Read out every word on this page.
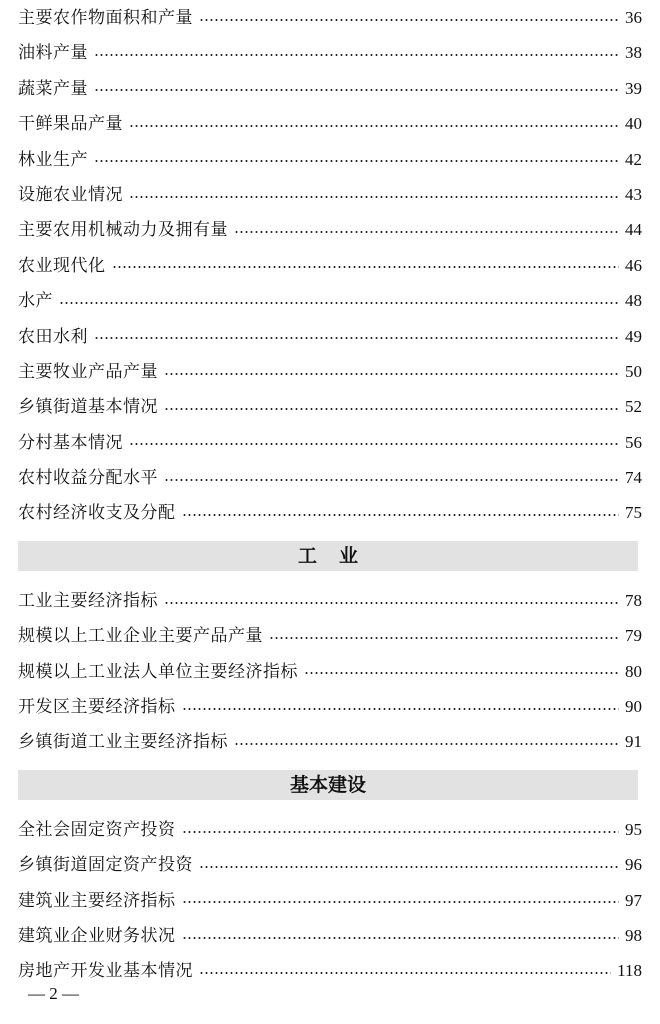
主要农作物面积和产量	36
油料产量	38
蔬菜产量	39
干鲜果品产量	40
林业生产	42
设施农业情况	43
主要农用机械动力及拥有量	44
农业现代化	46
水产	48
农田水利	49
主要牧业产品产量	50
乡镇街道基本情况	52
分村基本情况	56
农村收益分配水平	74
农村经济收支及分配	75
工业
工业主要经济指标	78
规模以上工业企业主要产品产量	79
规模以上工业法人单位主要经济指标	80
开发区主要经济指标	90
乡镇街道工业主要经济指标	91
基本建设
全社会固定资产投资	95
乡镇街道固定资产投资	96
建筑业主要经济指标	97
建筑业企业财务状况	98
房地产开发业基本情况	118
— 2 —
